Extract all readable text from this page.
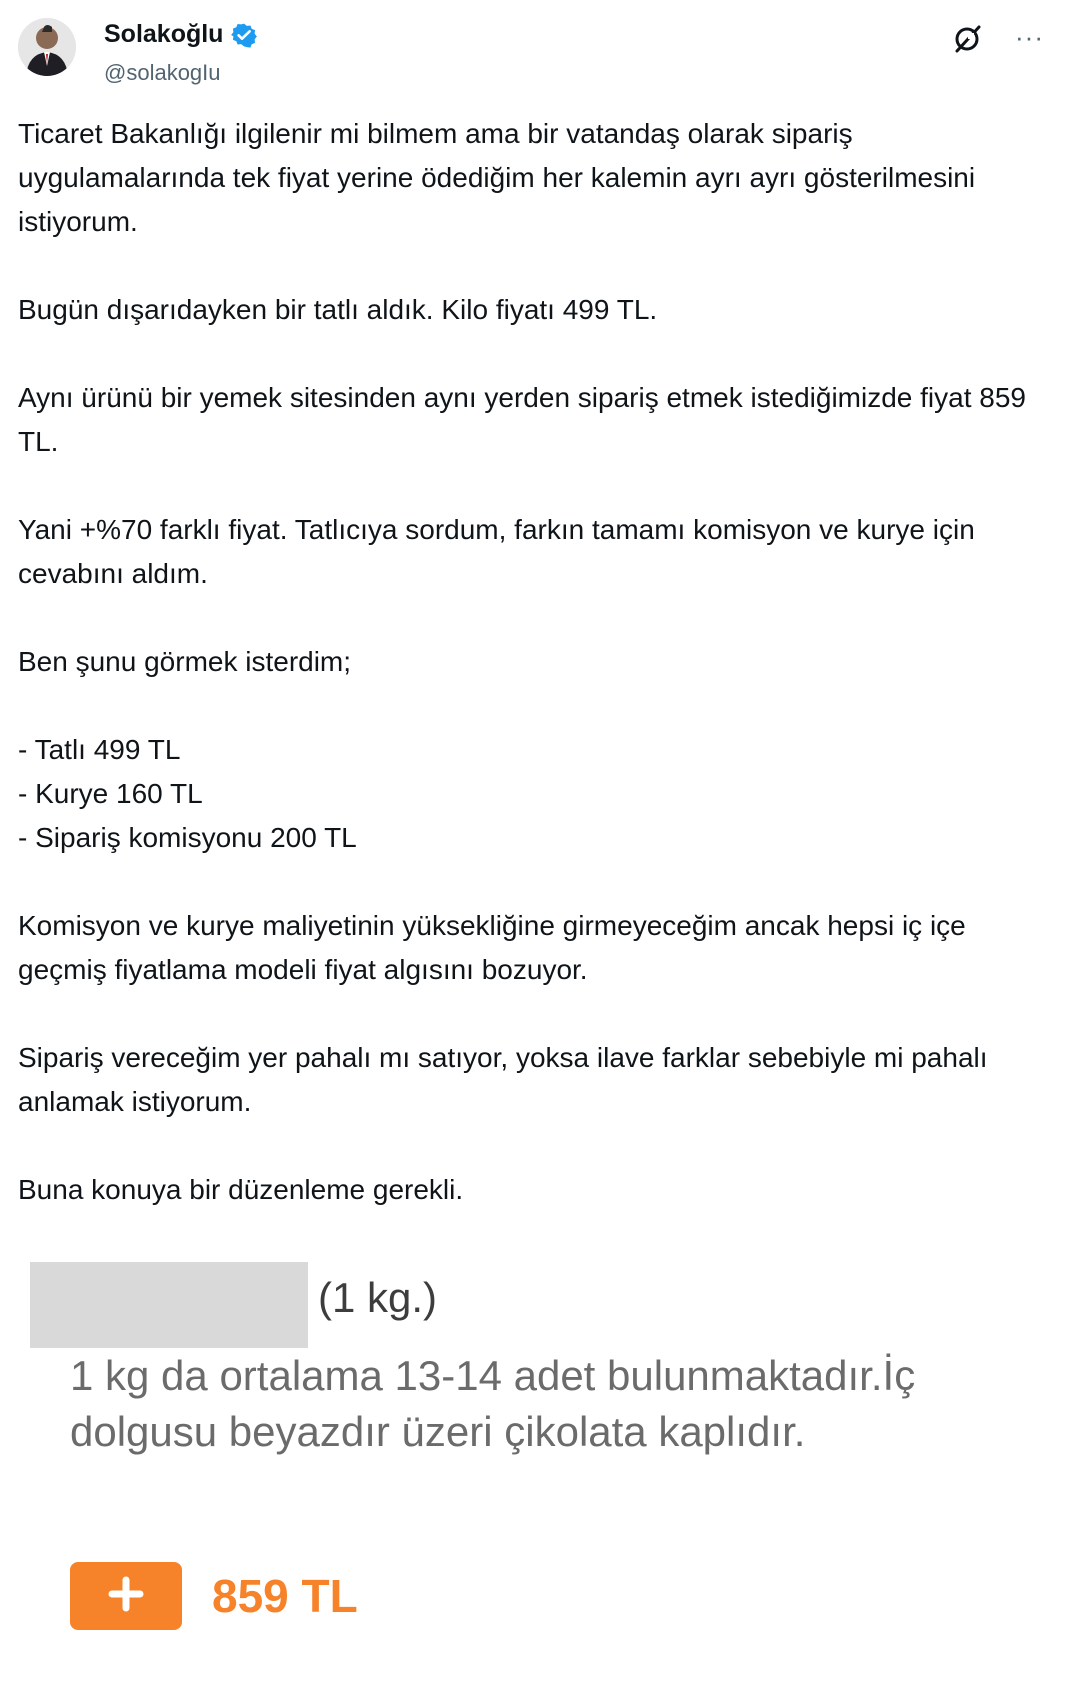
Solakoğlu
@solakogIu
···

Ticaret Bakanlığı ilgilenir mi bilmem ama bir vatandaş olarak sipariş uygulamalarında tek fiyat yerine ödediğim her kalemin ayrı ayrı gösterilmesini istiyorum.

Bugün dışarıdayken bir tatlı aldık. Kilo fiyatı 499 TL.

Aynı ürünü bir yemek sitesinden aynı yerden sipariş etmek istediğimizde fiyat 859 TL.

Yani +%70 farklı fiyat. Tatlıcıya sordum, farkın tamamı komisyon ve kurye için cevabını aldım.

Ben şunu görmek isterdim;

- Tatlı 499 TL

- Kurye 160 TL

- Sipariş komisyonu 200 TL

Komisyon ve kurye maliyetinin yüksekliğine girmeyeceğim ancak hepsi iç içe geçmiş fiyatlama modeli fiyat algısını bozuyor.

Sipariş vereceğim yer pahalı mı satıyor, yoksa ilave farklar sebebiyle mi pahalı anlamak istiyorum.

Buna konuya bir düzenleme gerekli.

(1 kg.)
1 kg da ortalama 13-14 adet bulunmaktadır.İç dolgusu beyazdır üzeri çikolata kaplıdır.
859 TL
